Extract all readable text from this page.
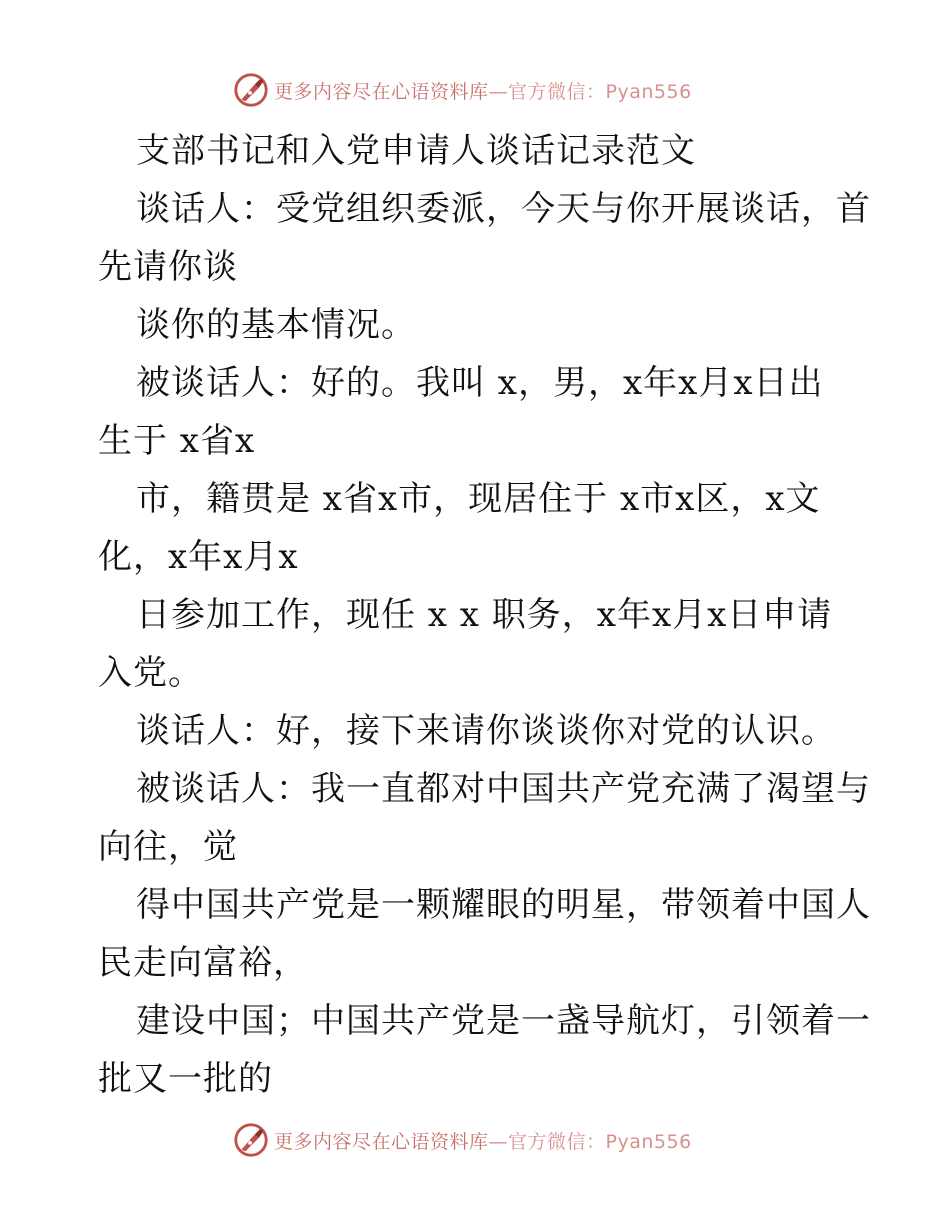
更多内容尽在心语资料库—官方微信：Pyan556
支部书记和入党申请人谈话记录范文
谈话人：受党组织委派，今天与你开展谈话，首
先请你谈
谈你的基本情况。
被谈话人：好的。我叫 x，男，x年x月x日出
生于 x省x
市，籍贯是 x省x市，现居住于 x市x区，x文
化，x年x月x
日参加工作，现任 x x 职务，x年x月x日申请
入党。
谈话人：好，接下来请你谈谈你对党的认识。
被谈话人：我一直都对中国共产党充满了渴望与
向往，觉
得中国共产党是一颗耀眼的明星，带领着中国人
民走向富裕，
建设中国；中国共产党是一盏导航灯，引领着一
批又一批的
更多内容尽在心语资料库—官方微信：Pyan556
